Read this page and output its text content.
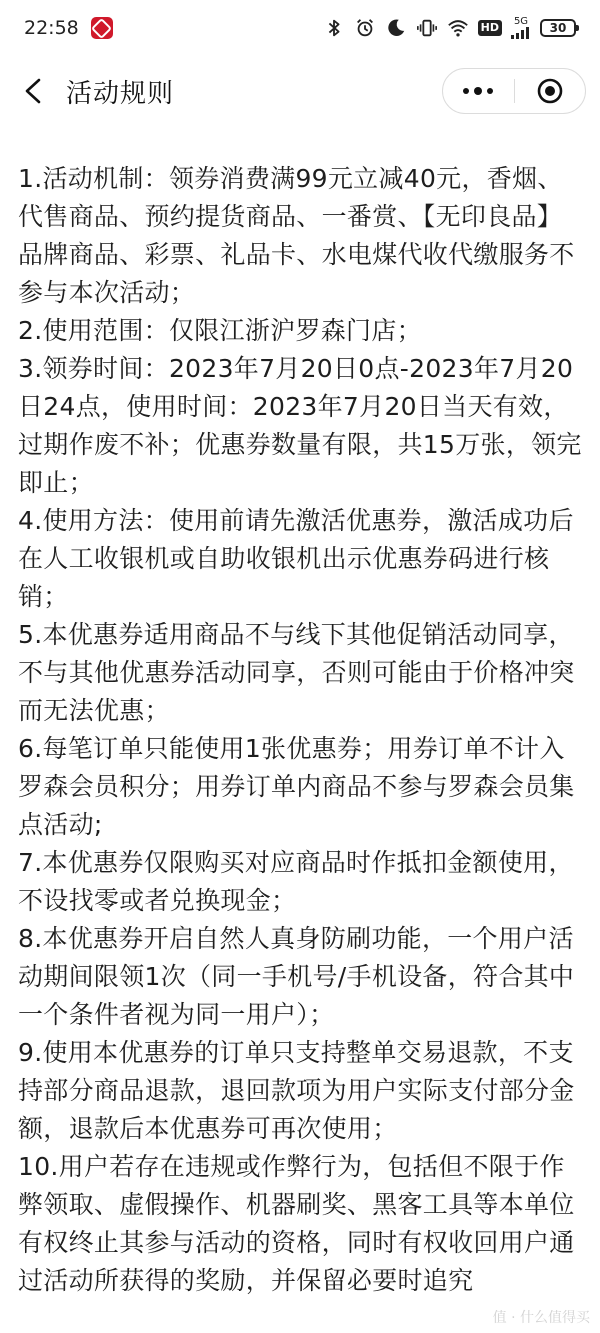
22:58	HD	5G 30
活动规则

1.活动机制：领券消费满99元立减40元，香烟、代售商品、预约提货商品、一番赏、【无印良品】品牌商品、彩票、礼品卡、水电煤代收代缴服务不参与本次活动；

2.使用范围：仅限江浙沪罗森门店；

3.领券时间：2023年7月20日0点-2023年7月20日24点，使用时间：2023年7月20日当天有效，过期作废不补；优惠券数量有限，共15万张，领完即止；

4.使用方法：使用前请先激活优惠券，激活成功后在人工收银机或自助收银机出示优惠券码进行核销；

5.本优惠券适用商品不与线下其他促销活动同享，不与其他优惠券活动同享，否则可能由于价格冲突而无法优惠；

6.每笔订单只能使用1张优惠券；用券订单不计入罗森会员积分；用券订单内商品不参与罗森会员集点活动;

7.本优惠券仅限购买对应商品时作抵扣金额使用，不设找零或者兑换现金；

8.本优惠券开启自然人真身防刷功能，一个用户活动期间限领1次（同一手机号/手机设备，符合其中一个条件者视为同一用户）；

9.使用本优惠券的订单只支持整单交易退款，不支持部分商品退款，退回款项为用户实际支付部分金额，退款后本优惠券可再次使用；

10.用户若存在违规或作弊行为，包括但不限于作弊领取、虚假操作、机器刷奖、黑客工具等本单位有权终止其参与活动的资格，同时有权收回用户通过活动所获得的奖励，并保留必要时追究

值 · 什么值得买
